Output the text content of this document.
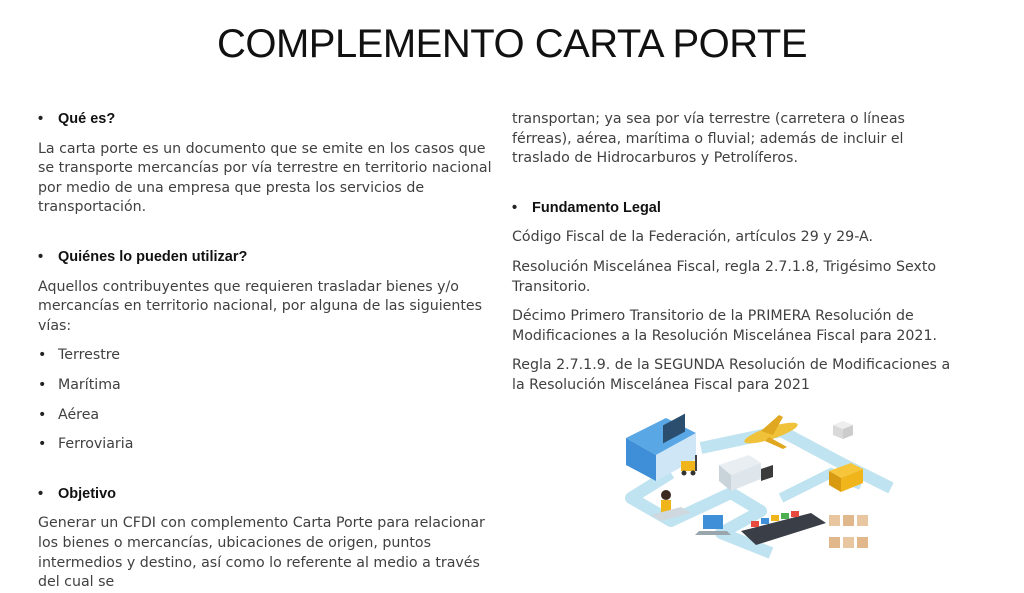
COMPLEMENTO CARTA PORTE

• Qué es?

La carta porte es un documento que se emite en los casos que se transporte mercancías por vía terrestre en territorio nacional por medio de una empresa que presta los servicios de transportación.

• Quiénes lo pueden utilizar?

Aquellos contribuyentes que requieren trasladar bienes y/o mercancías en territorio nacional, por alguna de las siguientes vías:

• Terrestre

• Marítima

• Aérea

• Ferroviaria

• Objetivo

Generar un CFDI con complemento Carta Porte para relacionar los bienes o mercancías, ubicaciones de origen, puntos intermedios y destino, así como lo referente al medio a través del cual se

transportan; ya sea por vía terrestre (carretera o líneas férreas), aérea, marítima o fluvial; además de incluir el traslado de Hidrocarburos y Petrolíferos.

• Fundamento Legal

Código Fiscal de la Federación, artículos 29 y 29-A.

Resolución Miscelánea Fiscal, regla 2.7.1.8, Trigésimo Sexto Transitorio.

Décimo Primero Transitorio de la PRIMERA Resolución de Modificaciones a la Resolución Miscelánea Fiscal para 2021.

Regla 2.7.1.9. de la SEGUNDA Resolución de Modificaciones a la Resolución Miscelánea Fiscal para 2021
